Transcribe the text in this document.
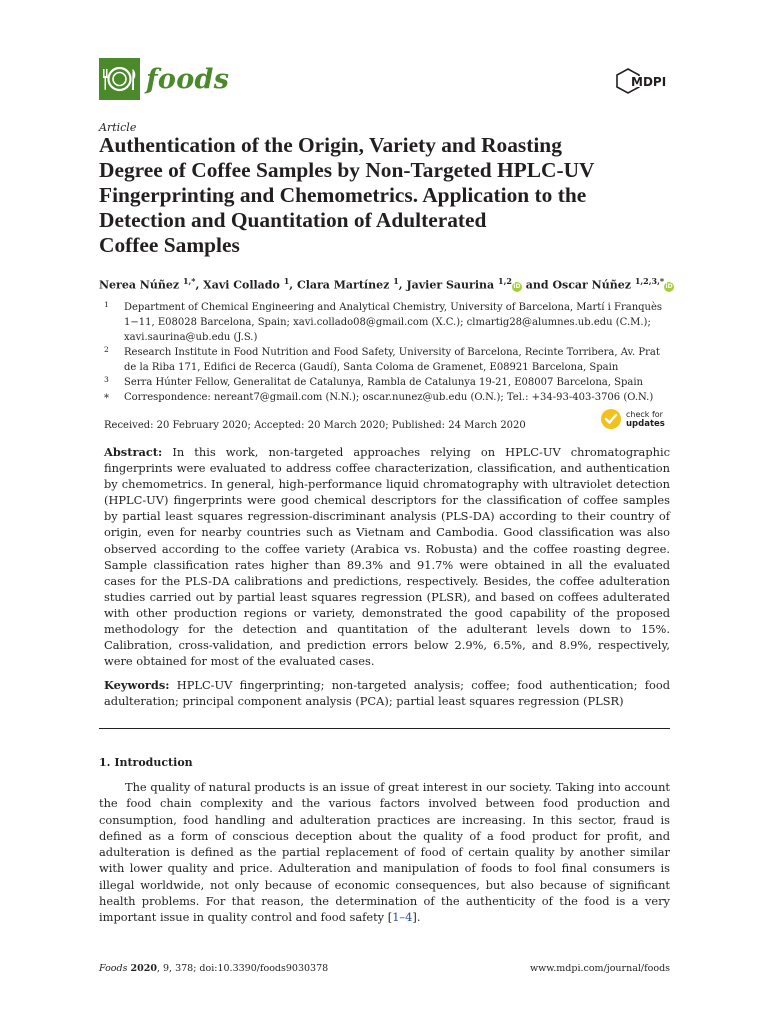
foods	MDPI
Article
Authentication of the Origin, Variety and Roasting
Degree of Coffee Samples by Non-Targeted HPLC-UV
Fingerprinting and Chemometrics. Application to the
Detection and Quantitation of Adulterated
Coffee Samples
Nerea Núñez $^{1,*}$, Xavi Collado $^1$, Clara Martínez $^1$, Javier Saurina $^{1,2}$iD and Oscar Núñez $^{1,2,3,*}$iD
1 Department of Chemical Engineering and Analytical Chemistry, University of Barcelona, Martí i Franquès 1−11, E08028 Barcelona, Spain; xavi.collado08@gmail.com (X.C.); clmartig28@alumnes.ub.edu (C.M.); xavi.saurina@ub.edu (J.S.)
2 Research Institute in Food Nutrition and Food Safety, University of Barcelona, Recinte Torribera, Av. Prat de la Riba 171, Edifici de Recerca (Gaudí), Santa Coloma de Gramenet, E08921 Barcelona, Spain
3 Serra Húnter Fellow, Generalitat de Catalunya, Rambla de Catalunya 19-21, E08007 Barcelona, Spain
* Correspondence: nereant7@gmail.com (N.N.); oscar.nunez@ub.edu (O.N.); Tel.: +34-93-403-3706 (O.N.)
Received: 20 February 2020; Accepted: 20 March 2020; Published: 24 March 2020
check for
updates

Abstract: In this work, non-targeted approaches relying on HPLC-UV chromatographic fingerprints were evaluated to address coffee characterization, classification, and authentication by chemometrics. In general, high-performance liquid chromatography with ultraviolet detection (HPLC-UV) fingerprints were good chemical descriptors for the classification of coffee samples by partial least squares regression-discriminant analysis (PLS-DA) according to their country of origin, even for nearby countries such as Vietnam and Cambodia. Good classification was also observed according to the coffee variety (Arabica vs. Robusta) and the coffee roasting degree. Sample classification rates higher than 89.3% and 91.7% were obtained in all the evaluated cases for the PLS-DA calibrations and predictions, respectively. Besides, the coffee adulteration studies carried out by partial least squares regression (PLSR), and based on coffees adulterated with other production regions or variety, demonstrated the good capability of the proposed methodology for the detection and quantitation of the adulterant levels down to 15%. Calibration, cross-validation, and prediction errors below 2.9%, 6.5%, and 8.9%, respectively, were obtained for most of the evaluated cases.

Keywords: HPLC-UV fingerprinting; non-targeted analysis; coffee; food authentication; food adulteration; principal component analysis (PCA); partial least squares regression (PLSR)

1. Introduction

The quality of natural products is an issue of great interest in our society. Taking into account the food chain complexity and the various factors involved between food production and consumption, food handling and adulteration practices are increasing. In this sector, fraud is defined as a form of conscious deception about the quality of a food product for profit, and adulteration is defined as the partial replacement of food of certain quality by another similar with lower quality and price. Adulteration and manipulation of foods to fool final consumers is illegal worldwide, not only because of economic consequences, but also because of significant health problems. For that reason, the determination of the authenticity of the food is a very important issue in quality control and food safety [1–4].

Foods 2020, 9, 378; doi:10.3390/foods9030378	www.mdpi.com/journal/foods
